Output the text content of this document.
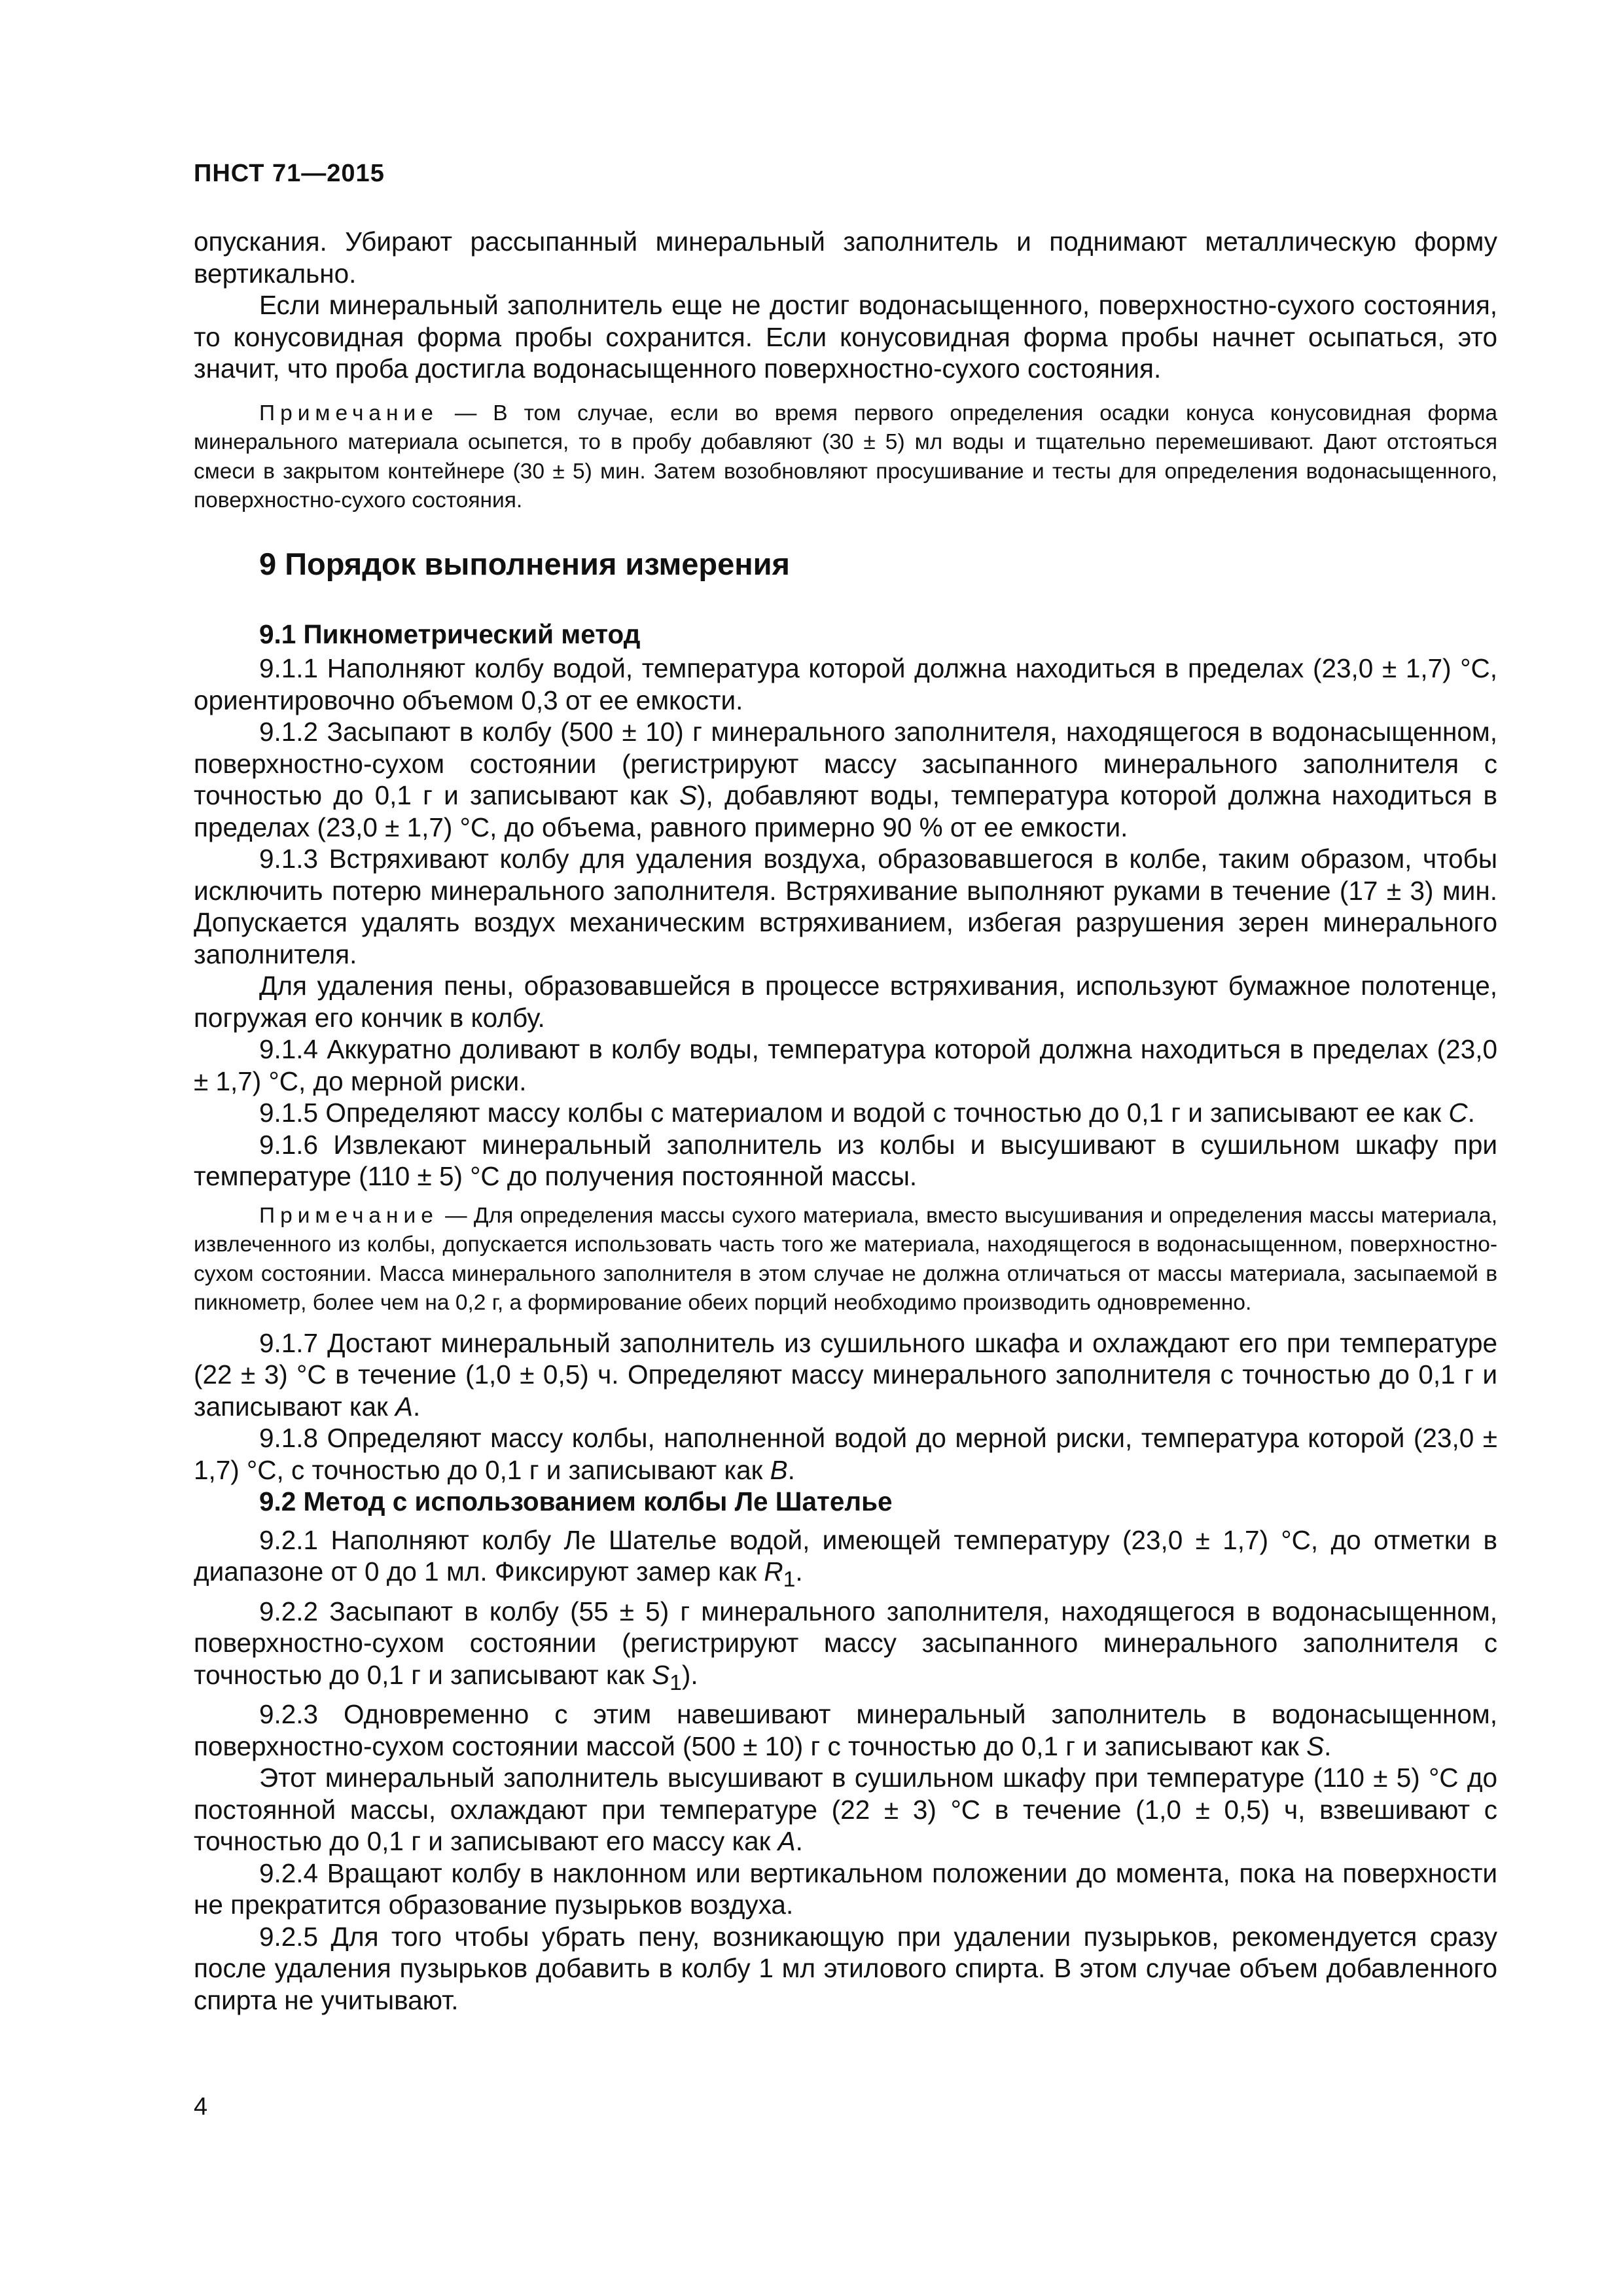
ПНСТ 71—2015

опускания. Убирают рассыпанный минеральный заполнитель и поднимают металлическую форму вертикально.

Если минеральный заполнитель еще не достиг водонасыщенного, поверхностно-сухого состояния, то конусовидная форма пробы сохранится. Если конусовидная форма пробы начнет осыпаться, это значит, что проба достигла водонасыщенного поверхностно-сухого состояния.

Примечание — В том случае, если во время первого определения осадки конуса конусовидная форма минерального материала осыпется, то в пробу добавляют (30 ± 5) мл воды и тщательно перемешивают. Дают отстояться смеси в закрытом контейнере (30 ± 5) мин. Затем возобновляют просушивание и тесты для определения водонасыщенного, поверхностно-сухого состояния.

9 Порядок выполнения измерения

9.1 Пикнометрический метод

9.1.1 Наполняют колбу водой, температура которой должна находиться в пределах (23,0 ± 1,7) °С, ориентировочно объемом 0,3 от ее емкости.

9.1.2 Засыпают в колбу (500 ± 10) г минерального заполнителя, находящегося в водонасыщенном, поверхностно-сухом состоянии (регистрируют массу засыпанного минерального заполнителя с точностью до 0,1 г и записывают как S), добавляют воды, температура которой должна находиться в пределах (23,0 ± 1,7) °С, до объема, равного примерно 90 % от ее емкости.

9.1.3 Встряхивают колбу для удаления воздуха, образовавшегося в колбе, таким образом, чтобы исключить потерю минерального заполнителя. Встряхивание выполняют руками в течение (17 ± 3) мин. Допускается удалять воздух механическим встряхиванием, избегая разрушения зерен минерального заполнителя.

Для удаления пены, образовавшейся в процессе встряхивания, используют бумажное полотенце, погружая его кончик в колбу.

9.1.4 Аккуратно доливают в колбу воды, температура которой должна находиться в пределах (23,0 ± 1,7) °С, до мерной риски.

9.1.5 Определяют массу колбы с материалом и водой с точностью до 0,1 г и записывают ее как С.

9.1.6 Извлекают минеральный заполнитель из колбы и высушивают в сушильном шкафу при температуре (110 ± 5) °С до получения постоянной массы.

Примечание — Для определения массы сухого материала, вместо высушивания и определения массы материала, извлеченного из колбы, допускается использовать часть того же материала, находящегося в водонасыщенном, поверхностно-сухом состоянии. Масса минерального заполнителя в этом случае не должна отличаться от массы материала, засыпаемой в пикнометр, более чем на 0,2 г, а формирование обеих порций необходимо производить одновременно.

9.1.7 Достают минеральный заполнитель из сушильного шкафа и охлаждают его при температуре (22 ± 3) °С в течение (1,0 ± 0,5) ч. Определяют массу минерального заполнителя с точностью до 0,1 г и записывают как А.

9.1.8 Определяют массу колбы, наполненной водой до мерной риски, температура которой (23,0 ± 1,7) °С, с точностью до 0,1 г и записывают как В.

9.2 Метод с использованием колбы Ле Шателье

9.2.1 Наполняют колбу Ле Шателье водой, имеющей температуру (23,0 ± 1,7) °С, до отметки в диапазоне от 0 до 1 мл. Фиксируют замер как $R_1$.

9.2.2 Засыпают в колбу (55 ± 5) г минерального заполнителя, находящегося в водонасыщенном, поверхностно-сухом состоянии (регистрируют массу засыпанного минерального заполнителя с точностью до 0,1 г и записывают как $S_1$).

9.2.3 Одновременно с этим навешивают минеральный заполнитель в водонасыщенном, поверхностно-сухом состоянии массой (500 ± 10) г с точностью до 0,1 г и записывают как S.

Этот минеральный заполнитель высушивают в сушильном шкафу при температуре (110 ± 5) °С до постоянной массы, охлаждают при температуре (22 ± 3) °С в течение (1,0 ± 0,5) ч, взвешивают с точностью до 0,1 г и записывают его массу как А.

9.2.4 Вращают колбу в наклонном или вертикальном положении до момента, пока на поверхности не прекратится образование пузырьков воздуха.

9.2.5 Для того чтобы убрать пену, возникающую при удалении пузырьков, рекомендуется сразу после удаления пузырьков добавить в колбу 1 мл этилового спирта. В этом случае объем добавленного спирта не учитывают.

4
